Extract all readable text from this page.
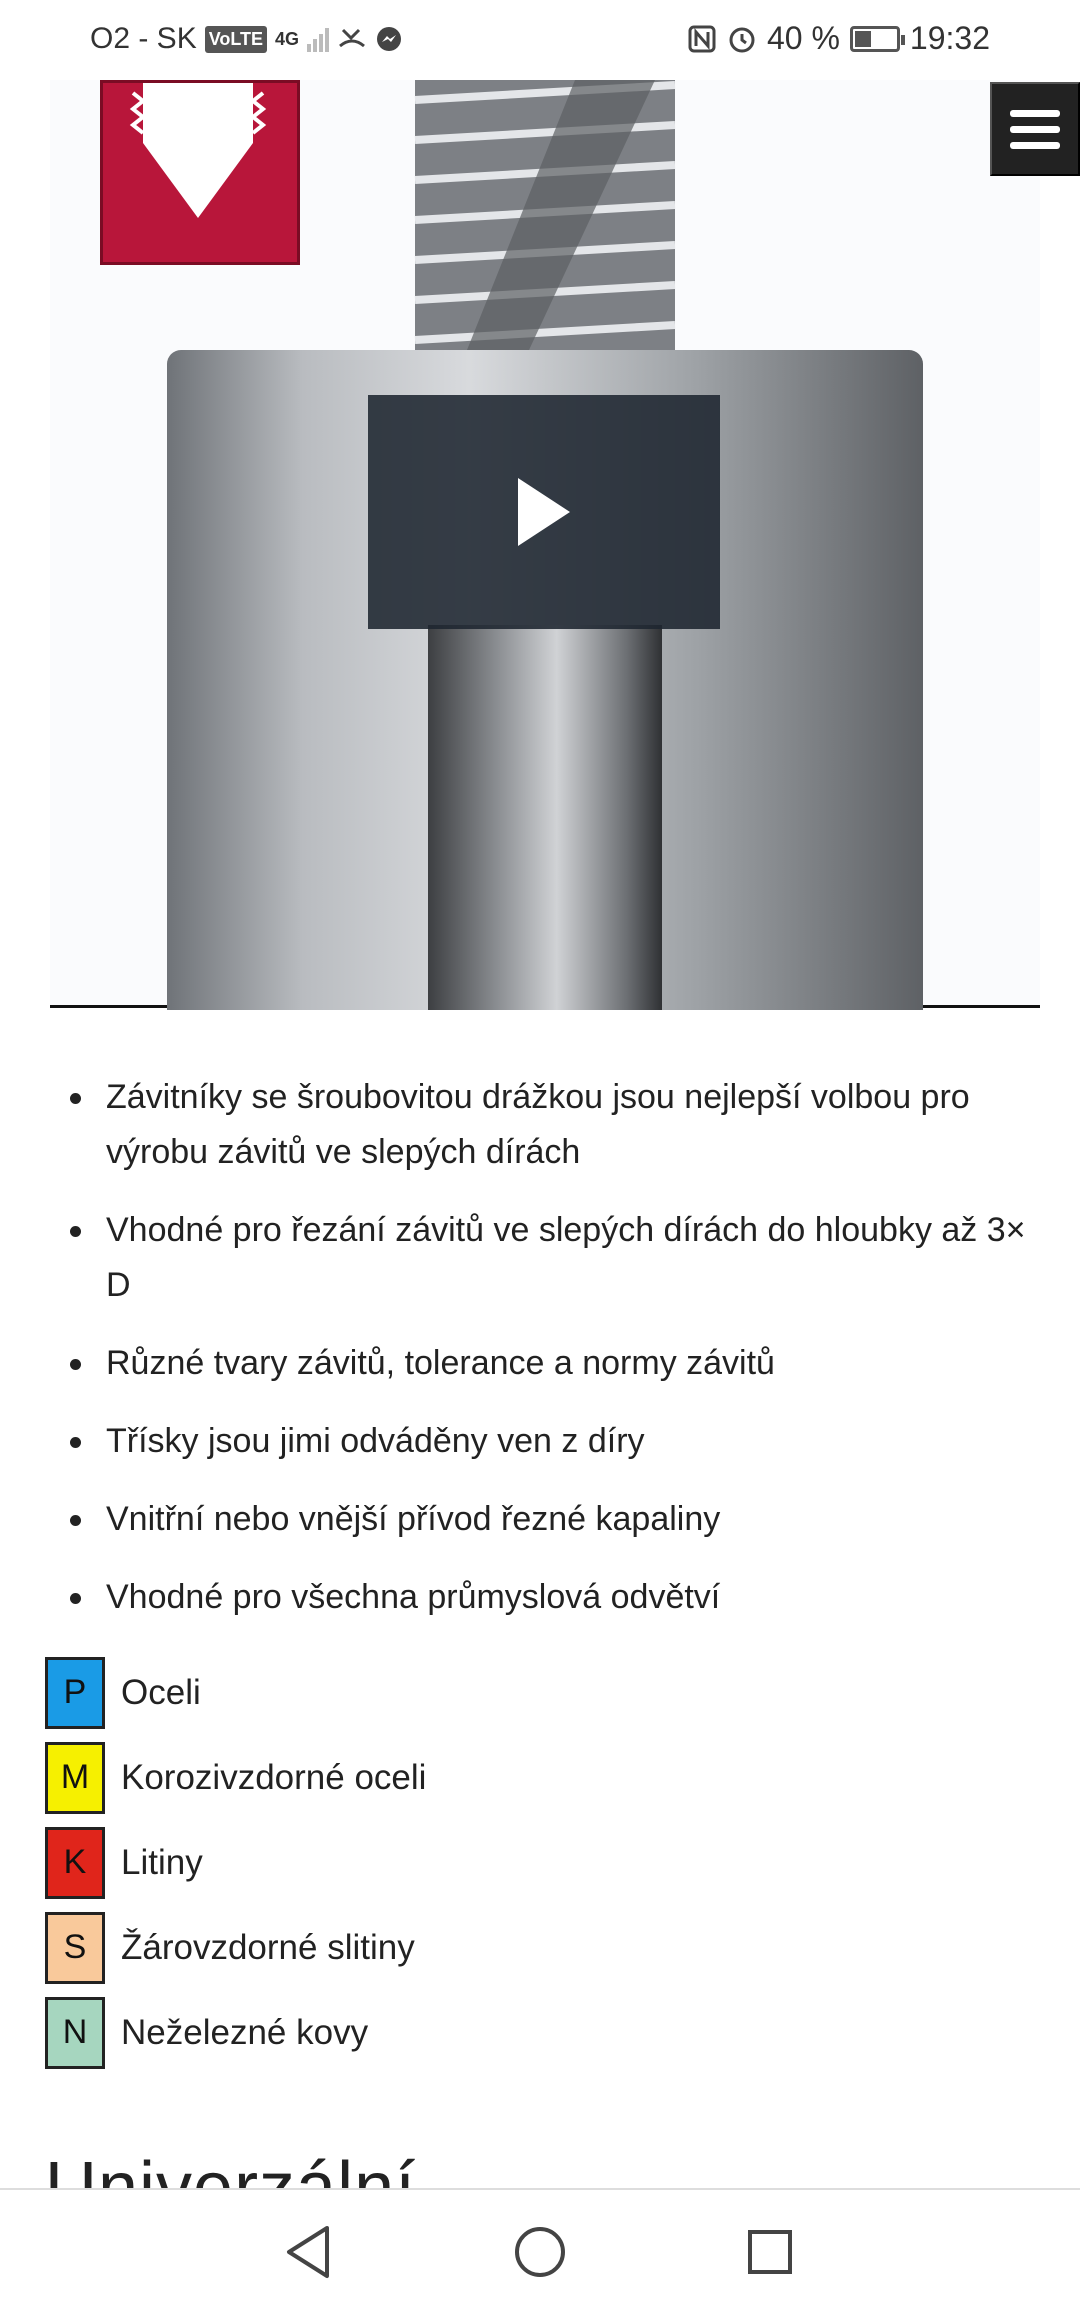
O2 - SK VoLTE 4G	40 % 19:32
Závitníky se šroubovitou drážkou jsou nejlepší volbou pro výrobu závitů ve slepých dírách
Vhodné pro řezání závitů ve slepých dírách do hloubky až 3× D
Různé tvary závitů, tolerance a normy závitů
Třísky jsou jimi odváděny ven z díry
Vnitřní nebo vnější přívod řezné kapaliny
Vhodné pro všechna průmyslová odvětví
P Oceli
M Korozivzdorné oceli
K Litiny
S Žárovzdorné slitiny
N Neželezné kovy
